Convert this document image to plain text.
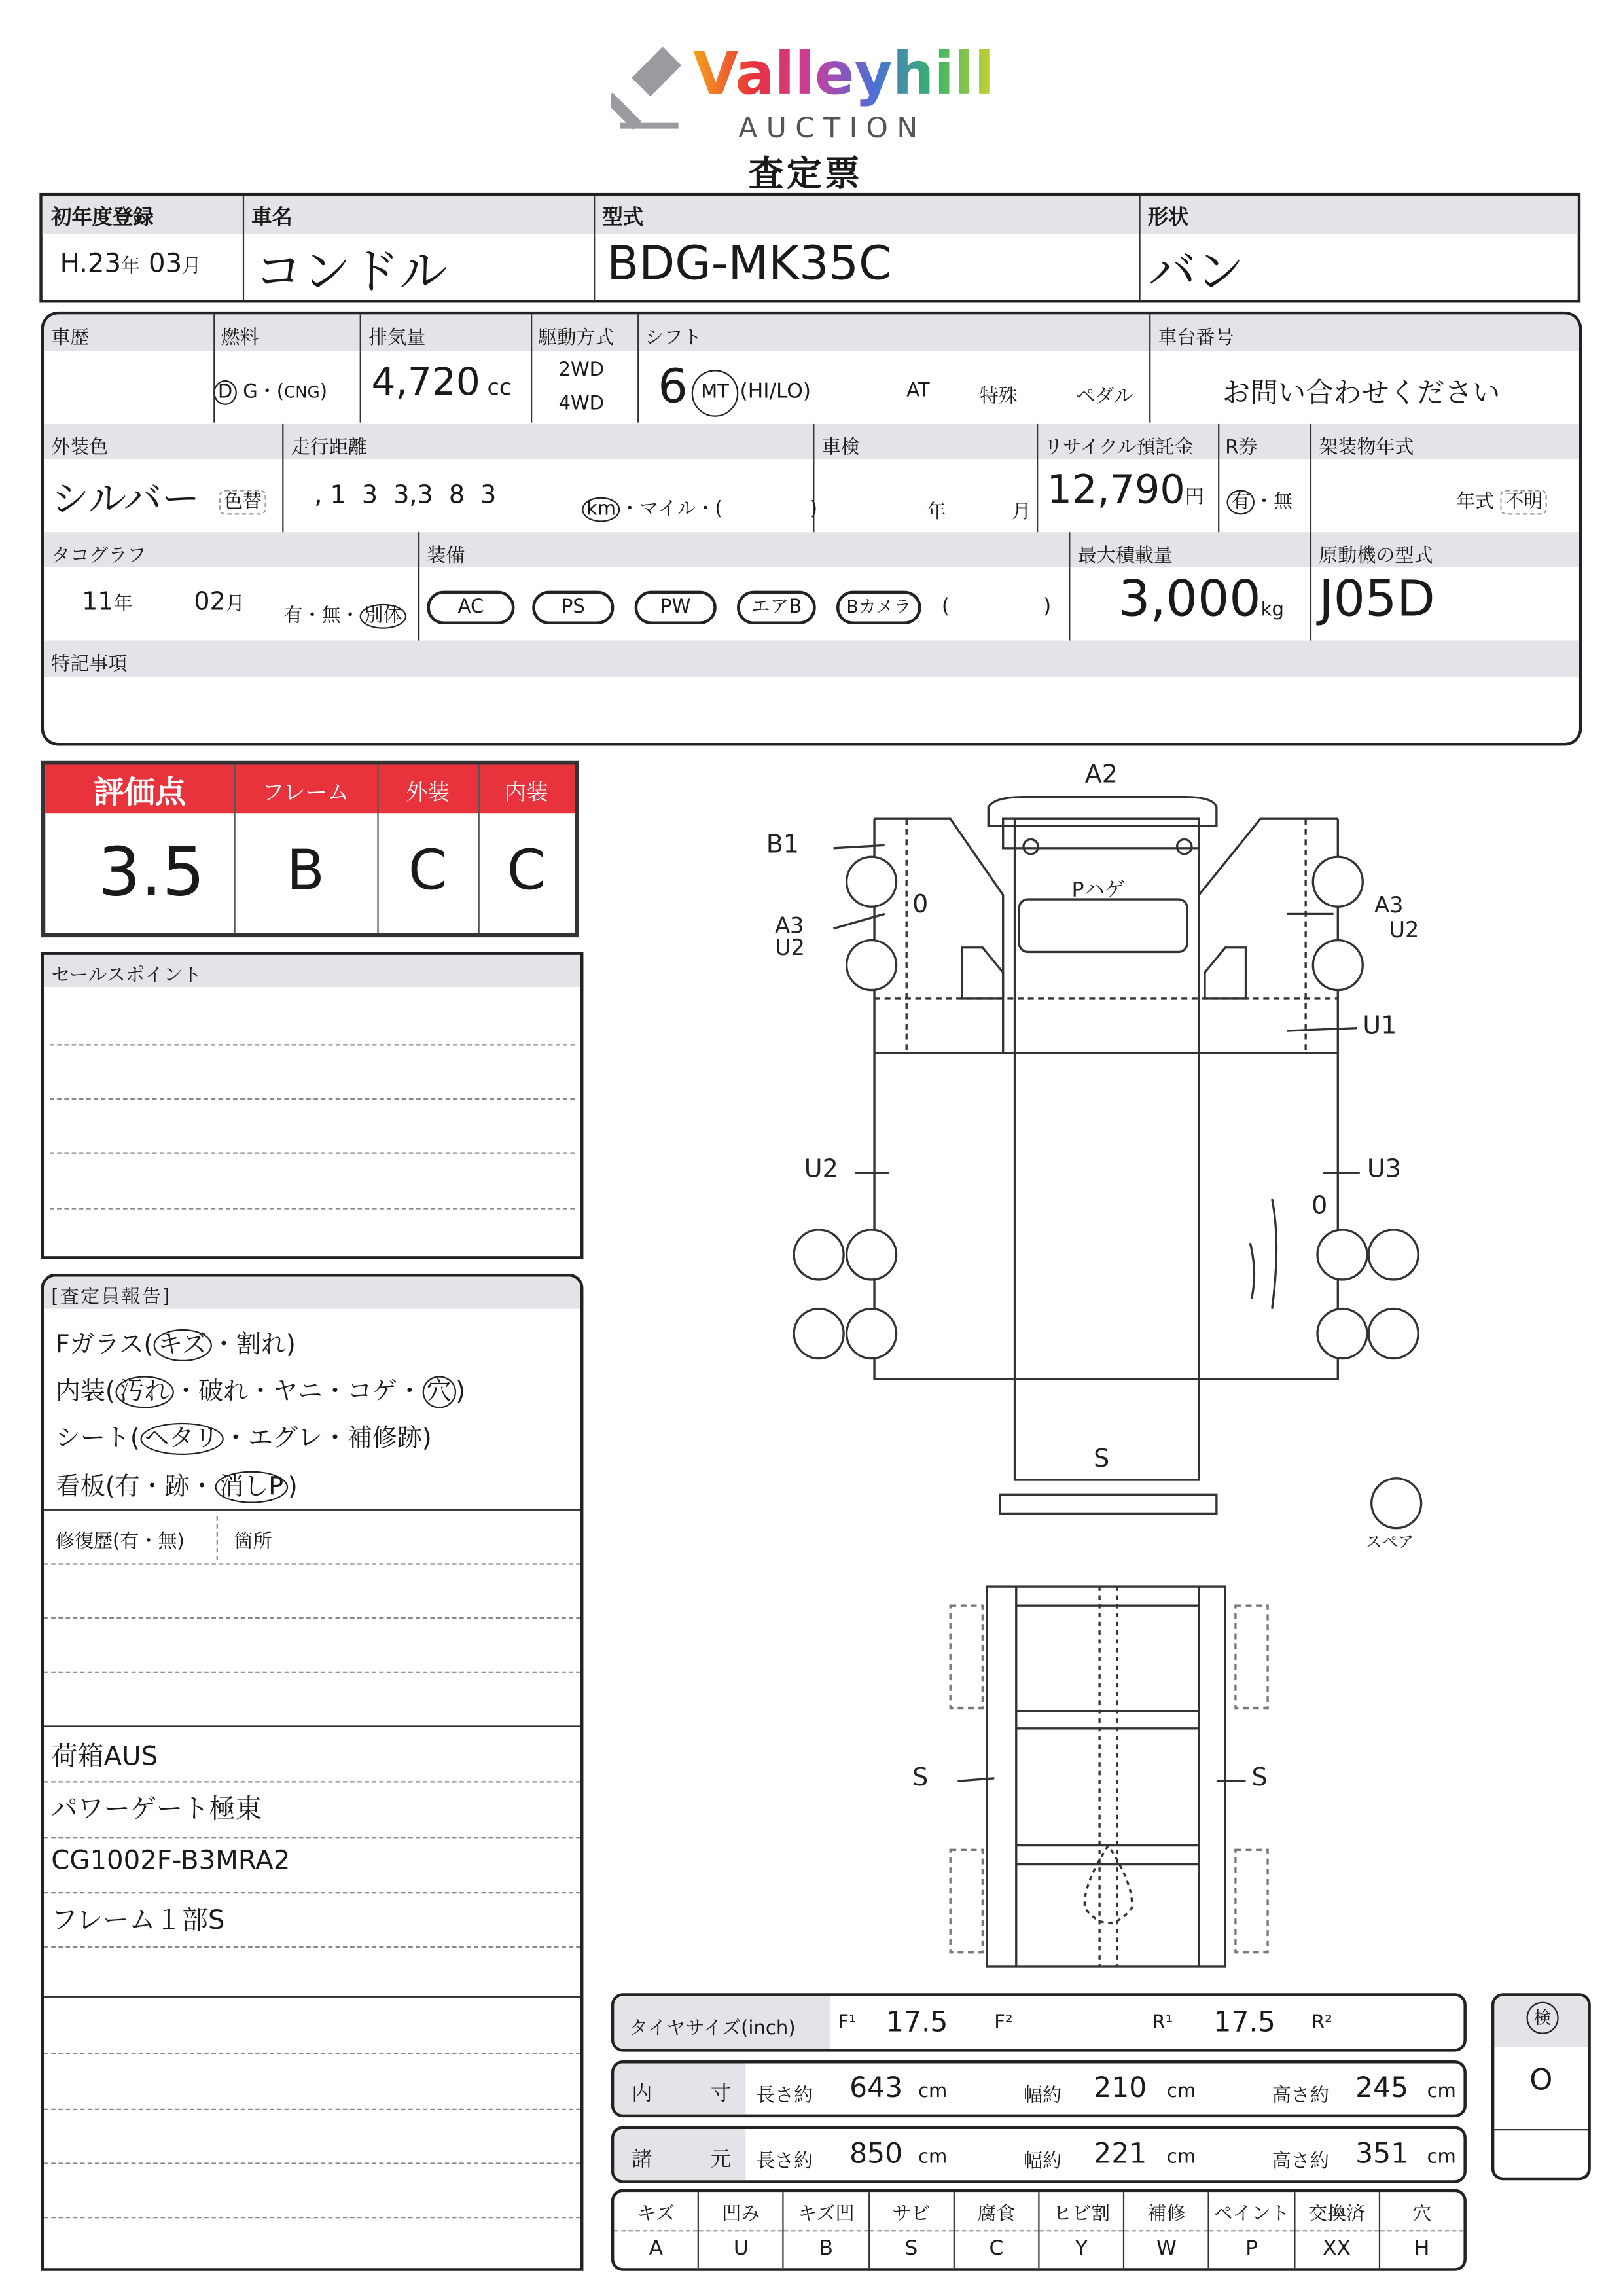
Valleyhill
AUCTION
査定票
初年度登録
H.23年 03月
車名
コンドル
型式
BDG-MK35C
形状
バン
車歴	燃料
D G・(CNG)
排気量
4,720 cc
駆動方式
2WD
4WD
シフト
6	MT	(HI/LO)	AT	特殊	ペダル
車台番号
お問い合わせください
外装色
シルバー	色替
走行距離
, 1 3 3,3 8 3	km ・マイル・(	)
車検
年	月
リサイクル預託金
12,790円
R券
有 ・無
架装物年式
年式 不明
タコグラフ
11年	02月
有・無・ 別体
装備
AC	PS	PW	エアB	Bカメラ	(	)
最大積載量
3,000kg
原動機の型式
J05D
特記事項
評価点	フレーム	外装	内装
3.5	B	C	C
セールスポイント
[査定員報告]
Fガラス( キズ ・割れ)
内装( 汚れ ・破れ・ヤニ・コゲ・ 穴 )
シート( ヘタリ ・エグレ・補修跡)
看板(有・跡・ 消しP )
修復歴(有・無)	箇所
荷箱AUS
パワーゲート極東
CG1002F-B3MRA2
フレーム１部S
A2
B1
A3
U2
Pハゲ
0	A3
U2
U1
U2	U3
0
S
S	S
スペア
タイヤサイズ(inch)	F¹ 17.5	F²	R¹	17.5	R²
内	寸	長さ約	643 cm	幅約	210 cm	高さ約 245 cm
諸	元	長さ約	850 cm	幅約	221 cm	高さ約 351 cm
検
O
キズ
A
凹み
U
キズ凹
B
サビ
S
腐食
C
ヒビ割
Y
補修
W
ペイント
P
交換済
XX
穴
H
